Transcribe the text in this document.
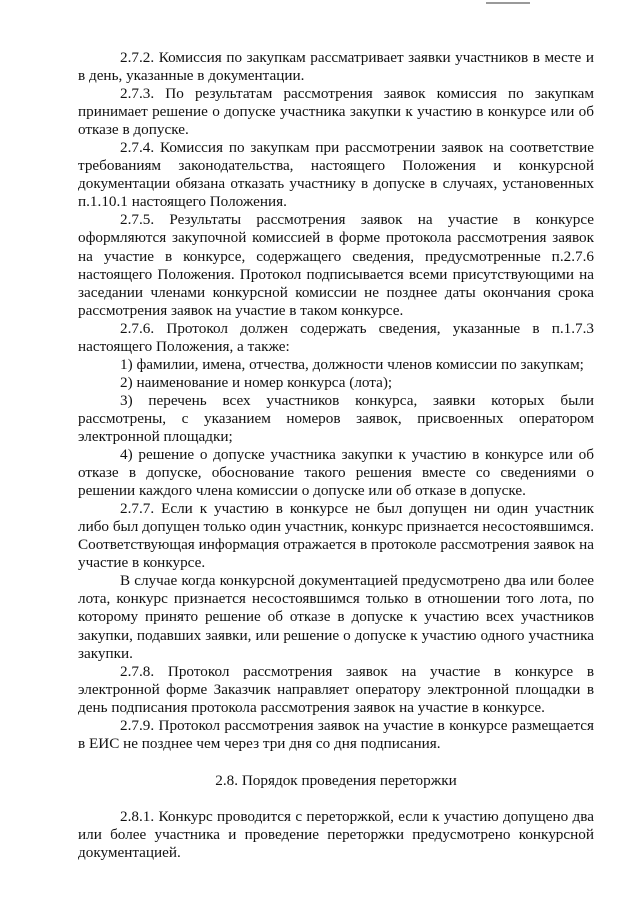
2.7.2. Комиссия по закупкам рассматривает заявки участников в месте и в день, указанные в документации.

2.7.3. По результатам рассмотрения заявок комиссия по закупкам принимает решение о допуске участника закупки к участию в конкурсе или об отказе в допуске.

2.7.4. Комиссия по закупкам при рассмотрении заявок на соответствие требованиям законодательства, настоящего Положения и конкурсной документации обязана отказать участнику в допуске в случаях, установенных п.1.10.1 настоящего Положения.

2.7.5. Результаты рассмотрения заявок на участие в конкурсе оформляются закупочной комиссией в форме протокола рассмотрения заявок на участие в конкурсе, содержащего сведения, предусмотренные п.2.7.6 настоящего Положения. Протокол подписывается всеми присутствующими на заседании членами конкурсной комиссии не позднее даты окончания срока рассмотрения заявок на участие в таком конкурсе.

2.7.6. Протокол должен содержать сведения, указанные в п.1.7.3 настоящего Положения, а также:

1) фамилии, имена, отчества, должности членов комиссии по закупкам;

2) наименование и номер конкурса (лота);

3) перечень всех участников конкурса, заявки которых были рассмотрены, с указанием номеров заявок, присвоенных оператором электронной площадки;

4) решение о допуске участника закупки к участию в конкурсе или об отказе в допуске, обоснование такого решения вместе со сведениями о решении каждого члена комиссии о допуске или об отказе в допуске.

2.7.7. Если к участию в конкурсе не был допущен ни один участник либо был допущен только один участник, конкурс признается несостоявшимся. Соответствующая информация отражается в протоколе рассмотрения заявок на участие в конкурсе.

В случае когда конкурсной документацией предусмотрено два или более лота, конкурс признается несостоявшимся только в отношении того лота, по которому принято решение об отказе в допуске к участию всех участников закупки, подавших заявки, или решение о допуске к участию одного участника закупки.

2.7.8. Протокол рассмотрения заявок на участие в конкурсе в электронной форме Заказчик направляет оператору электронной площадки в день подписания протокола рассмотрения заявок на участие в конкурсе.

2.7.9. Протокол рассмотрения заявок на участие в конкурсе размещается в ЕИС не позднее чем через три дня со дня подписания.

2.8. Порядок проведения переторжки

2.8.1. Конкурс проводится с переторжкой, если к участию допущено два или более участника и проведение переторжки предусмотрено конкурсной документацией.
